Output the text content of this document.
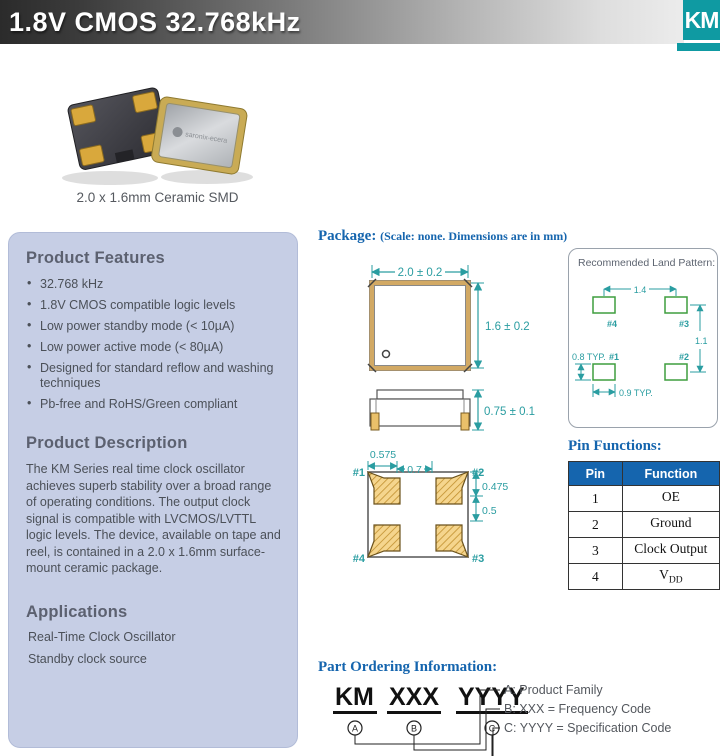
1.8V CMOS 32.768kHz	KM
saronix-ecera
2.0 x 1.6mm Ceramic SMD
Product Features
• 32.768 kHz
• 1.8V CMOS compatible logic levels
• Low power standby mode (< 10µA)
• Low power active mode (< 80µA)
• Designed for standard reflow and washing techniques
• Pb-free and RoHS/Green compliant
Product Description

The KM Series real time clock oscillator achieves superb stability over a broad range of operating conditions. The output clock signal is compatible with LVCMOS/LVTTL logic levels. The device, available on tape and reel, is contained in a 2.0 x 1.6mm surface-mount ceramic package.

Applications
Real-Time Clock Oscillator
Standby clock source
Package: (Scale: none. Dimensions are in mm)
2.0 ± 0.2
1.6 ± 0.2
0.75 ± 0.1
#1	#2
#3
#4
0.575
0.7
0.475
0.5
Recommended Land Pattern:
#4	#3
#1	#2
1.4
1.1
0.8 TYP.
0.9 TYP.
Pin Functions:
Pin	Function
1	OE
2	Ground
3	Clock Output
4	$V_{DD}$
Part Ordering Information:
KM XXX YYYY
A	B	C
A: Product Family
B: XXX = Frequency Code
C: YYYY = Specification Code
